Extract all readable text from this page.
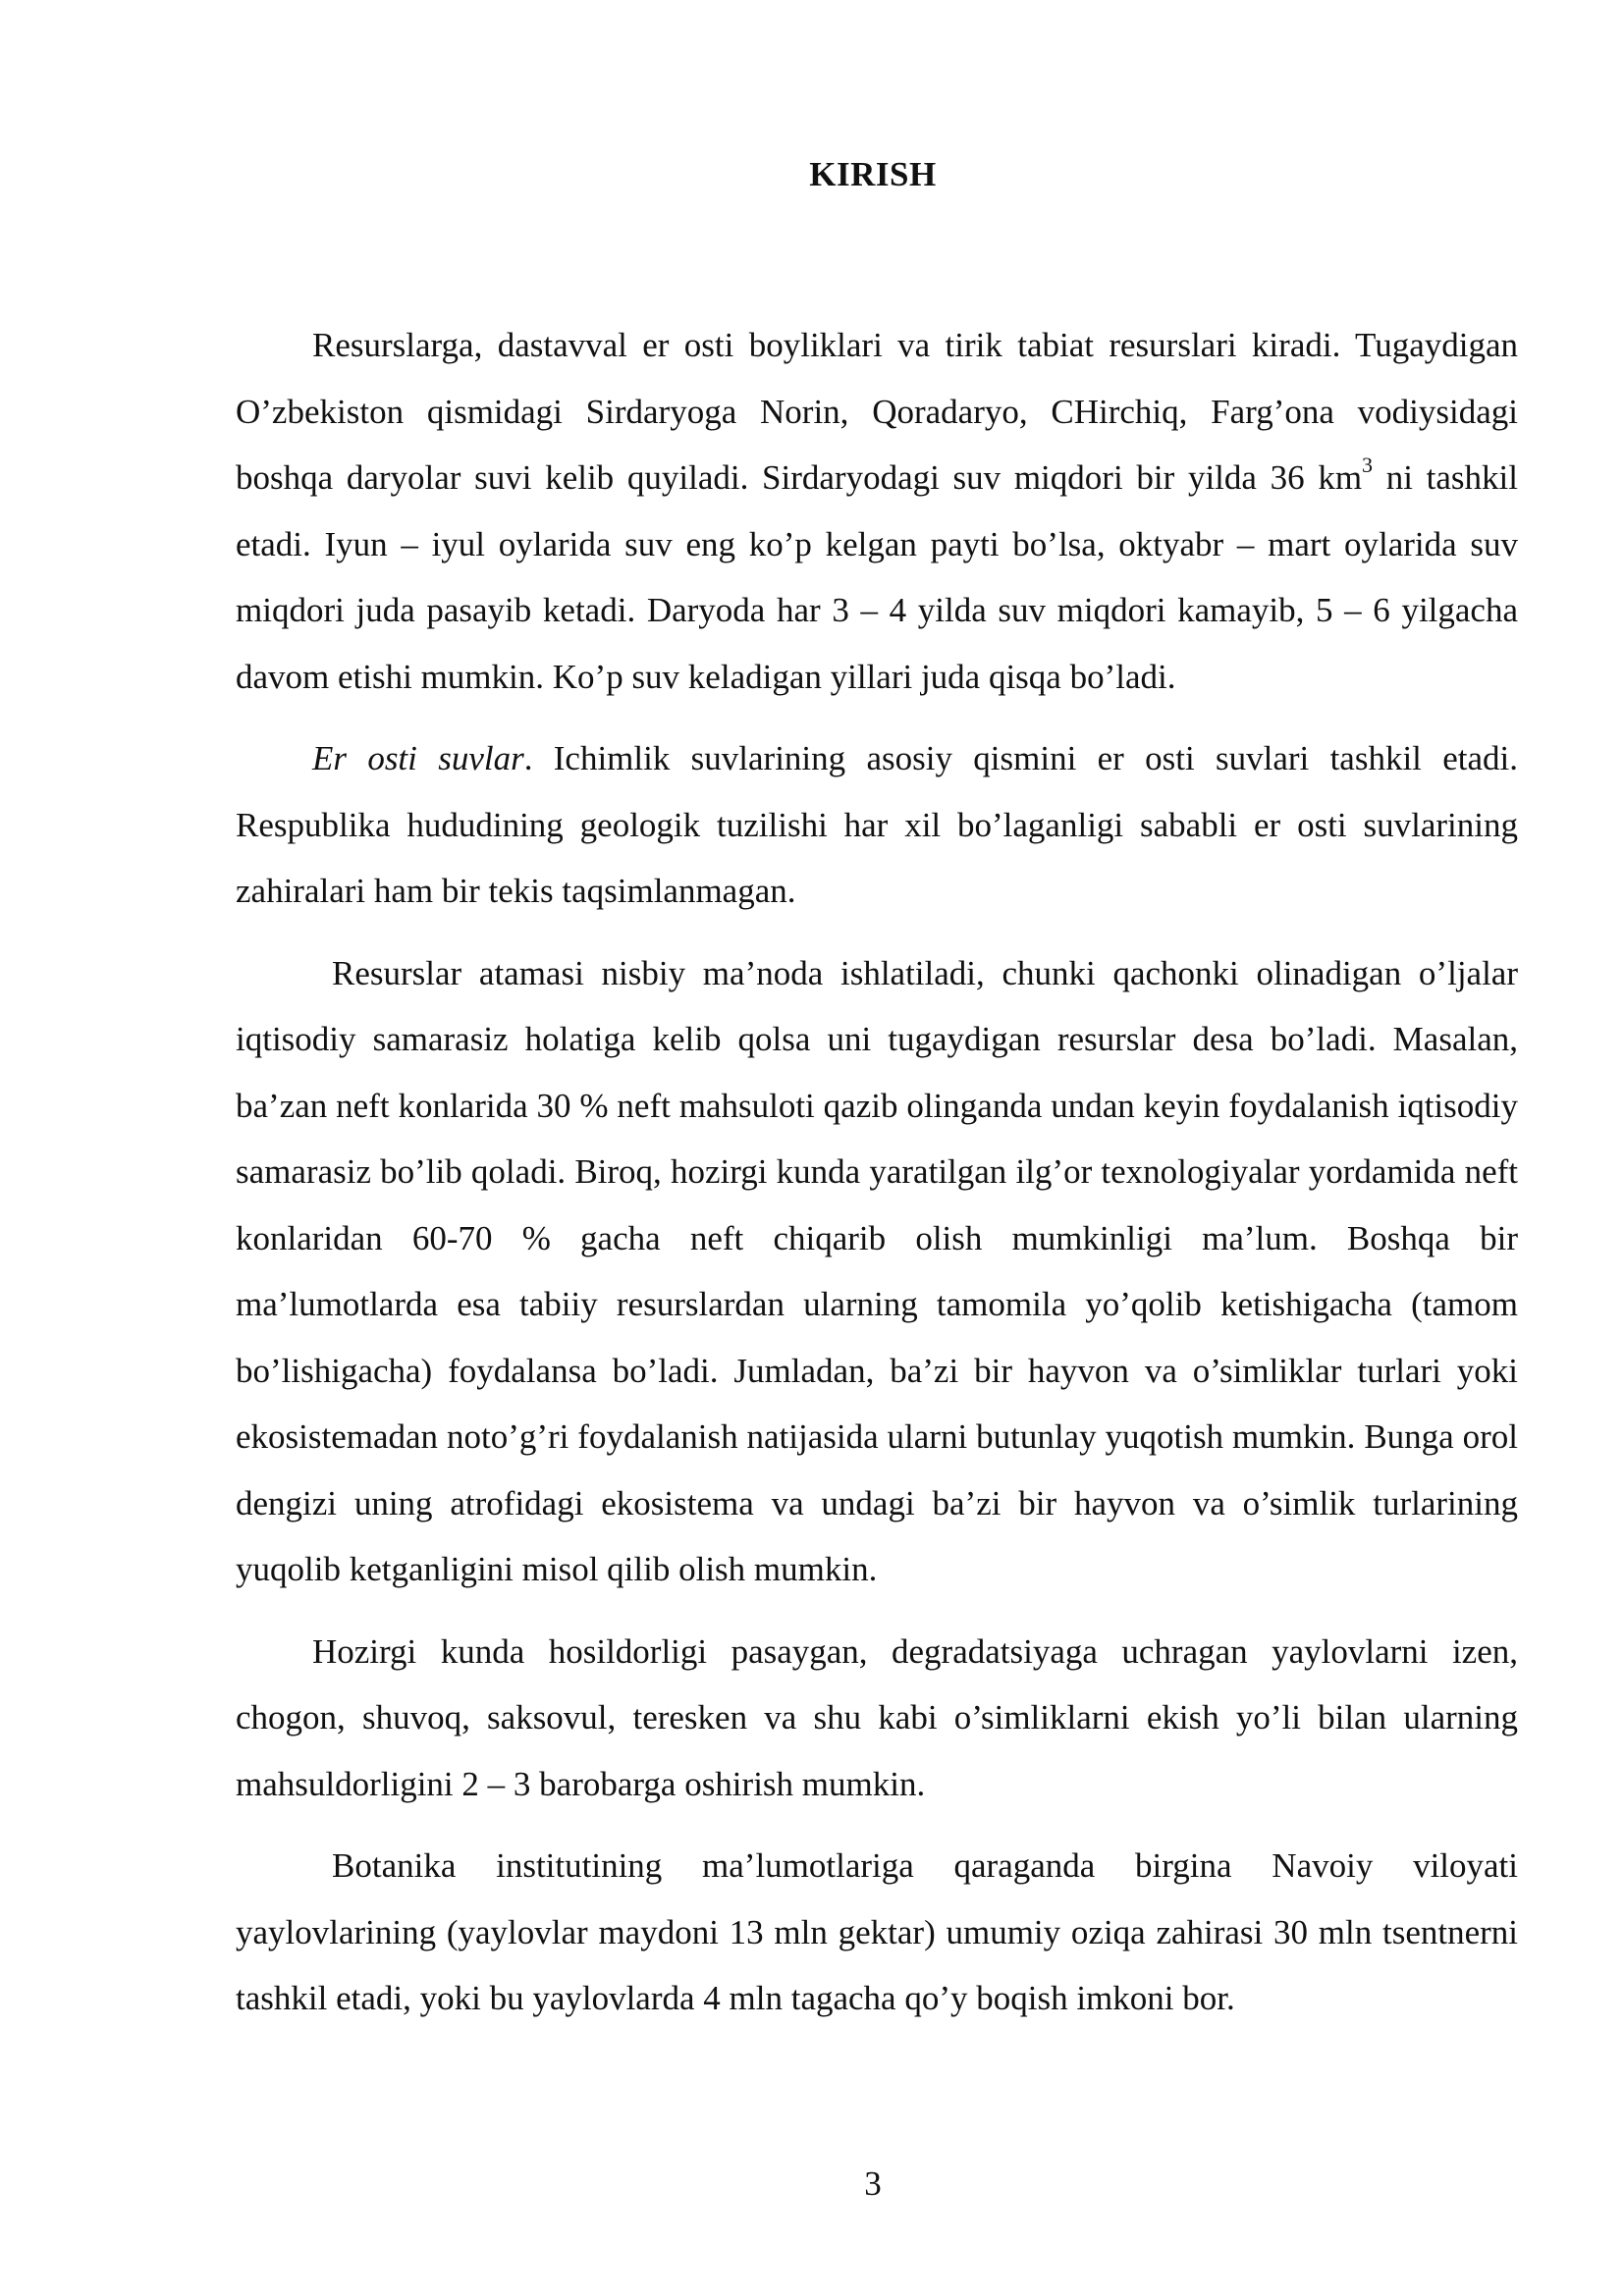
KIRISH

Resurslarga, dastavval er osti boyliklari va tirik tabiat resurslari kiradi. Tugaydigan O’zbekiston qismidagi Sirdaryoga Norin, Qoradaryo, CHirchiq, Farg’ona vodiysidagi boshqa daryolar suvi kelib quyiladi. Sirdaryodagi suv miqdori bir yilda 36 $km^3$ ni tashkil etadi. Iyun – iyul oylarida suv eng ko’p kelgan payti bo’lsa, oktyabr – mart oylarida suv miqdori juda pasayib ketadi. Daryoda har 3 – 4 yilda suv miqdori kamayib, 5 – 6 yilgacha davom etishi mumkin. Ko’p suv keladigan yillari juda qisqa bo’ladi.

Er osti suvlar. Ichimlik suvlarining asosiy qismini er osti suvlari tashkil etadi. Respublika hududining geologik tuzilishi har xil bo’laganligi sababli er osti suvlarining zahiralari ham bir tekis taqsimlanmagan.

Resurslar atamasi nisbiy ma’noda ishlatiladi, chunki qachonki olinadigan o’ljalar iqtisodiy samarasiz holatiga kelib qolsa uni tugaydigan resurslar desa bo’ladi. Masalan, ba’zan neft konlarida 30 % neft mahsuloti qazib olinganda undan keyin foydalanish iqtisodiy samarasiz bo’lib qoladi. Biroq, hozirgi kunda yaratilgan ilg’or texnologiyalar yordamida neft konlaridan 60-70 % gacha neft chiqarib olish mumkinligi ma’lum. Boshqa bir ma’lumotlarda esa tabiiy resurslardan ularning tamomila yo’qolib ketishigacha (tamom bo’lishigacha) foydalansa bo’ladi. Jumladan, ba’zi bir hayvon va o’simliklar turlari yoki ekosistemadan noto’g’ri foydalanish natijasida ularni butunlay yuqotish mumkin. Bunga orol dengizi uning atrofidagi ekosistema va undagi ba’zi bir hayvon va o’simlik turlarining yuqolib ketganligini misol qilib olish mumkin.

Hozirgi kunda hosildorligi pasaygan, degradatsiyaga uchragan yaylovlarni izen, chogon, shuvoq, saksovul, teresken va shu kabi o’simliklarni ekish yo’li bilan ularning mahsuldorligini 2 – 3 barobarga oshirish mumkin.

Botanika institutining ma’lumotlariga qaraganda birgina Navoiy viloyati yaylovlarining (yaylovlar maydoni 13 mln gektar) umumiy oziqa zahirasi 30 mln tsentnerni tashkil etadi, yoki bu yaylovlarda 4 mln tagacha qo’y boqish imkoni bor.

3
